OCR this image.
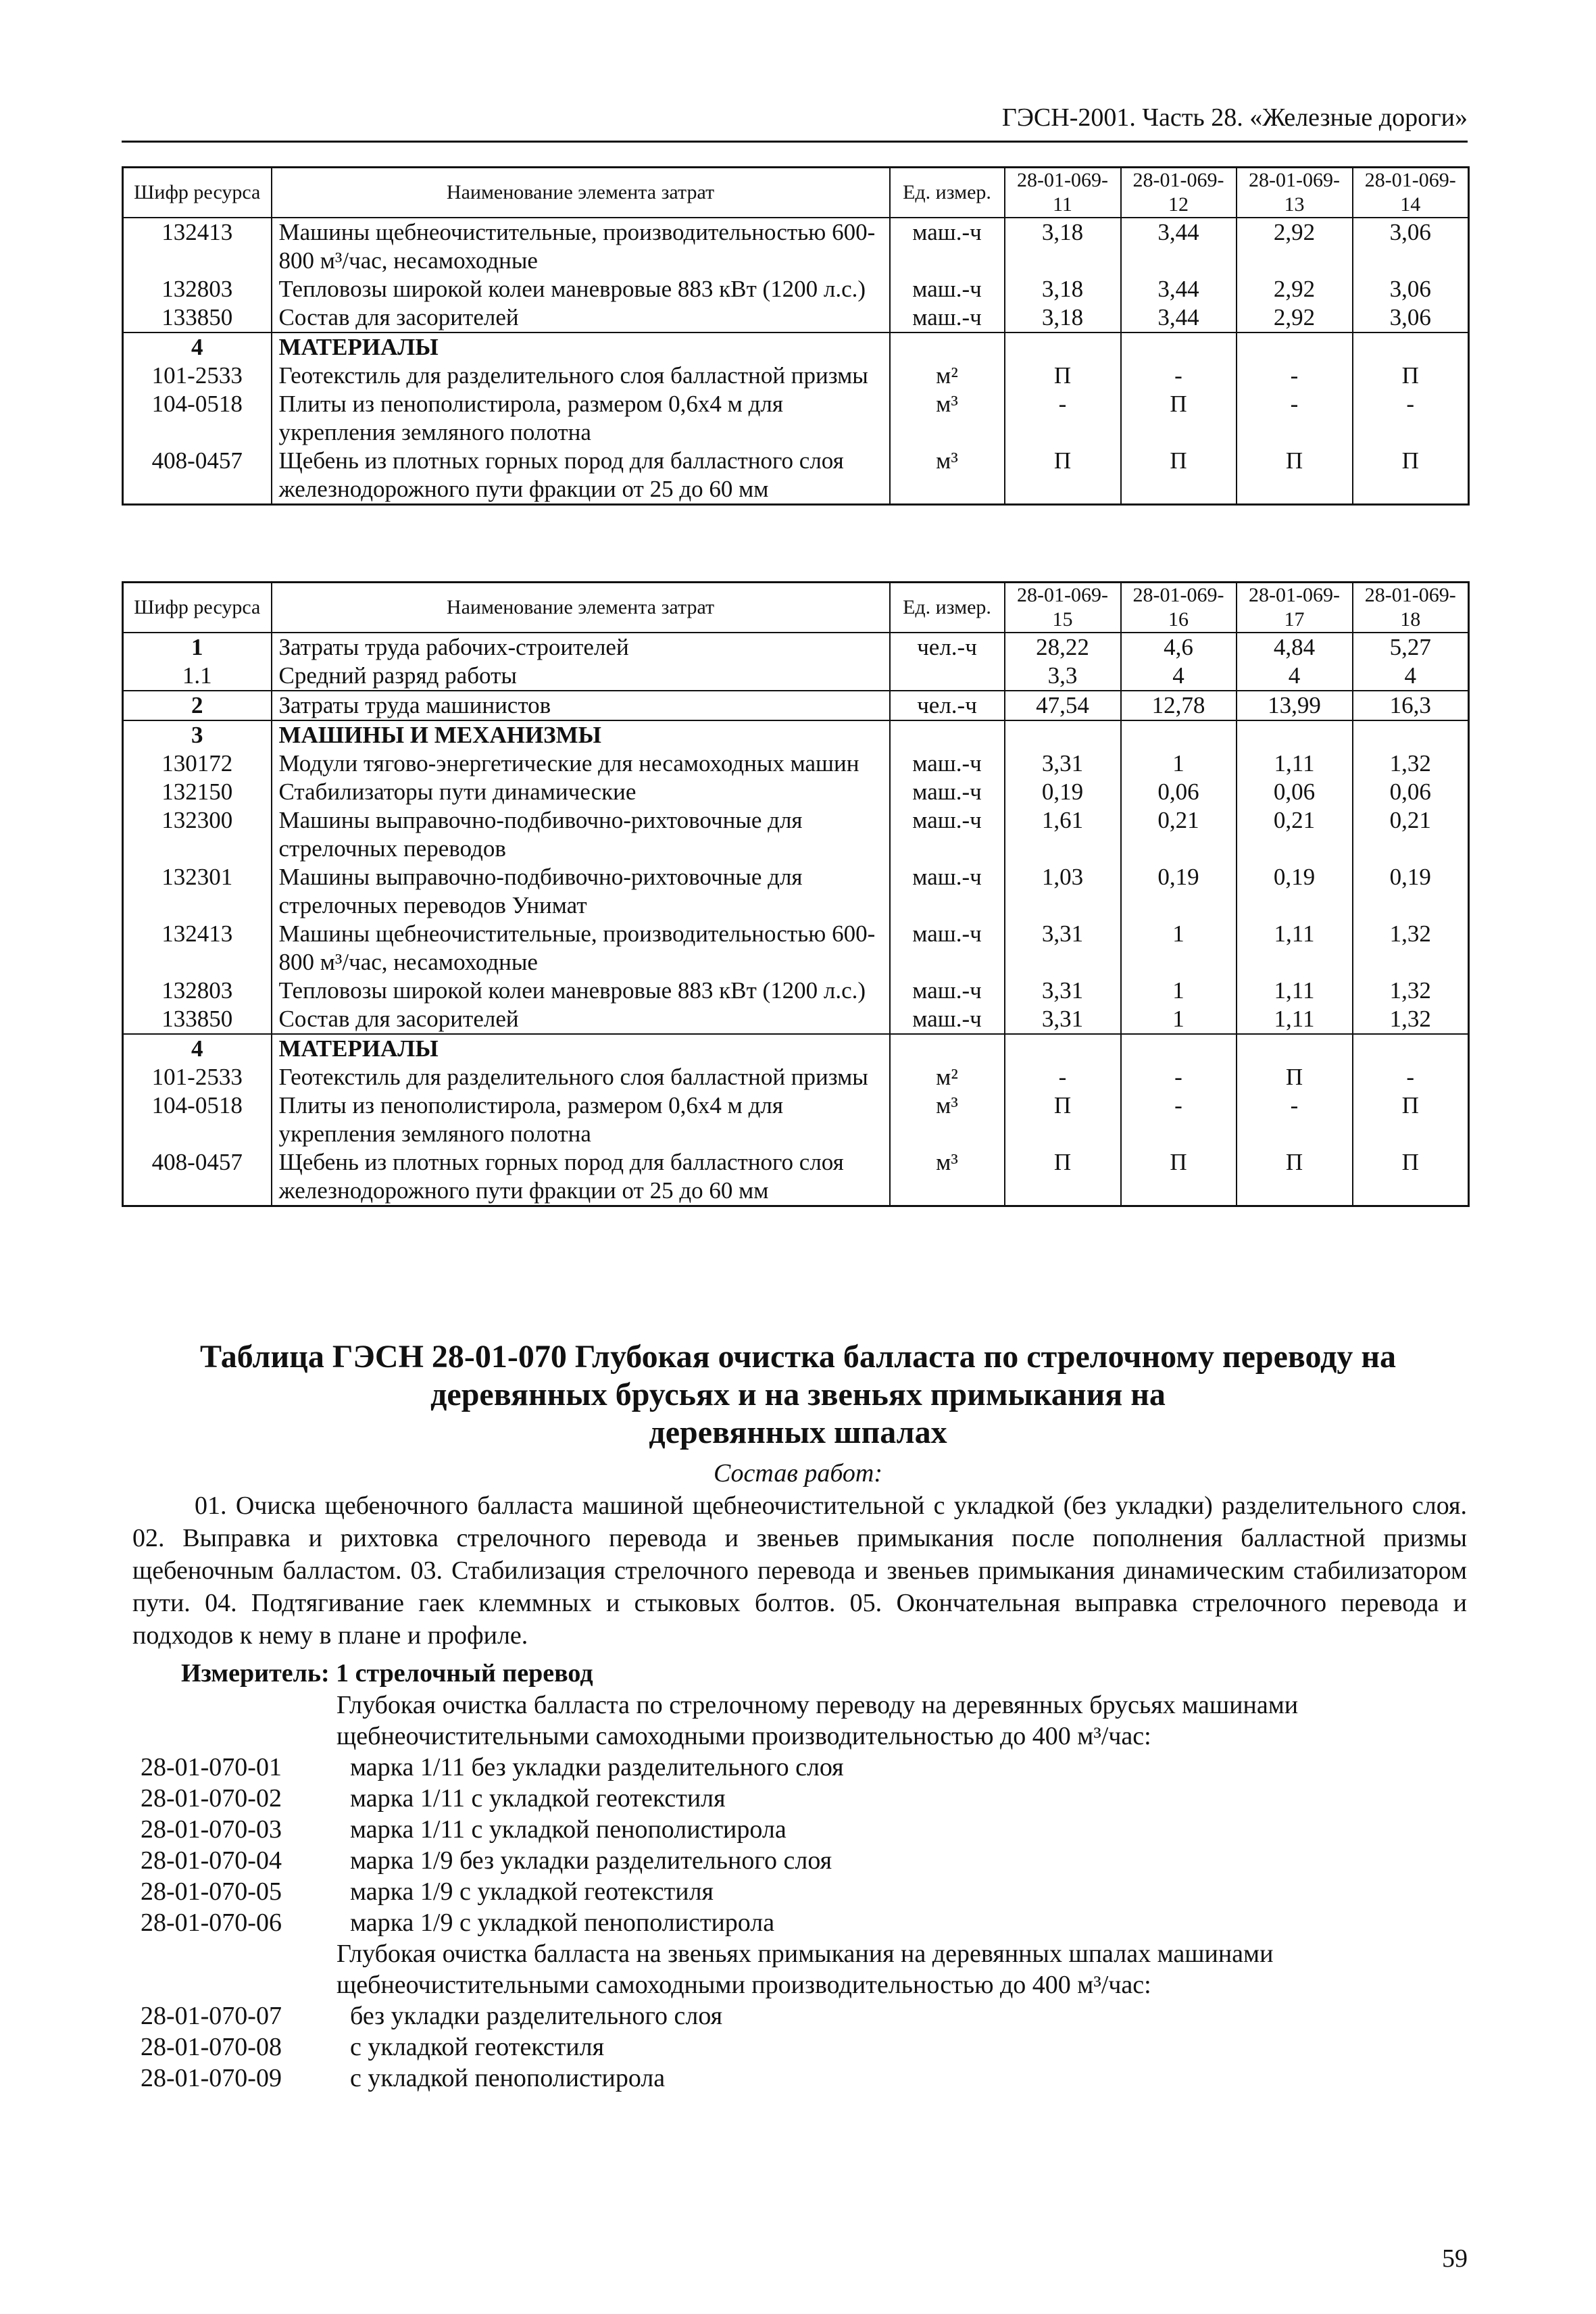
ГЭСН-2001. Часть 28. «Железные дороги»
Шифр ресурса	Наименование элемента затрат	Ед. измер.	28-01-069-11	28-01-069-12	28-01-069-13	28-01-069-14
132413	Машины щебнеочистительные, производительностью 600-800 м³/час, несамоходные	маш.-ч	3,18	3,44	2,92	3,06
132803	Тепловозы широкой колеи маневровые 883 кВт (1200 л.с.)	маш.-ч	3,18	3,44	2,92	3,06
133850	Состав для засорителей	маш.-ч	3,18	3,44	2,92	3,06
4	МАТЕРИАЛЫ					
101-2533	Геотекстиль для разделительного слоя балластной призмы	м²	П	-	-	П
104-0518	Плиты из пенополистирола, размером 0,6х4 м для укрепления земляного полотна	м³	-	П	-	-
408-0457	Щебень из плотных горных пород для балластного слоя железнодорожного пути фракции от 25 до 60 мм	м³	П	П	П	П
Шифр ресурса	Наименование элемента затрат	Ед. измер.	28-01-069-15	28-01-069-16	28-01-069-17	28-01-069-18
1	Затраты труда рабочих-строителей	чел.-ч	28,22	4,6	4,84	5,27
1.1	Средний разряд работы		3,3	4	4	4
2	Затраты труда машинистов	чел.-ч	47,54	12,78	13,99	16,3
3	МАШИНЫ И МЕХАНИЗМЫ					
130172	Модули тягово-энергетические для несамоходных машин	маш.-ч	3,31	1	1,11	1,32
132150	Стабилизаторы пути динамические	маш.-ч	0,19	0,06	0,06	0,06
132300	Машины выправочно-подбивочно-рихтовочные для стрелочных переводов	маш.-ч	1,61	0,21	0,21	0,21
132301	Машины выправочно-подбивочно-рихтовочные для стрелочных переводов Унимат	маш.-ч	1,03	0,19	0,19	0,19
132413	Машины щебнеочистительные, производительностью 600-800 м³/час, несамоходные	маш.-ч	3,31	1	1,11	1,32
132803	Тепловозы широкой колеи маневровые 883 кВт (1200 л.с.)	маш.-ч	3,31	1	1,11	1,32
133850	Состав для засорителей	маш.-ч	3,31	1	1,11	1,32
4	МАТЕРИАЛЫ					
101-2533	Геотекстиль для разделительного слоя балластной призмы	м²	-	-	П	-
104-0518	Плиты из пенополистирола, размером 0,6х4 м для укрепления земляного полотна	м³	П	-	-	П
408-0457	Щебень из плотных горных пород для балластного слоя железнодорожного пути фракции от 25 до 60 мм	м³	П	П	П	П
Таблица ГЭСН 28-01-070 Глубокая очистка балласта по стрелочному переводу на
деревянных брусьях и на звеньях примыкания на
деревянных шпалах
Состав работ:
01. Очиска щебеночного балласта машиной щебнеочистительной с укладкой (без укладки) разделительного слоя. 02. Выправка и рихтовка стрелочного перевода и звеньев примыкания после пополнения балластной призмы щебеночным балластом. 03. Стабилизация стрелочного перевода и звеньев примыкания динамическим стабилизатором пути. 04. Подтягивание гаек клеммных и стыковых болтов. 05. Окончательная выправка стрелочного перевода и подходов к нему в плане и профиле.
Измеритель: 1 стрелочный перевод
Глубокая очистка балласта по стрелочному переводу на деревянных брусьях машинами щебнеочистительными самоходными производительностью до 400 м³/час:
28-01-070-01	марка 1/11 без укладки разделительного слоя
28-01-070-02	марка 1/11 с укладкой геотекстиля
28-01-070-03	марка 1/11 с укладкой пенополистирола
28-01-070-04	марка 1/9 без укладки разделительного слоя
28-01-070-05	марка 1/9 с укладкой геотекстиля
28-01-070-06	марка 1/9 с укладкой пенополистирола
Глубокая очистка балласта на звеньях примыкания на деревянных шпалах машинами щебнеочистительными самоходными производительностью до 400 м³/час:
28-01-070-07	без укладки разделительного слоя
28-01-070-08	с укладкой геотекстиля
28-01-070-09	с укладкой пенополистирола
59
